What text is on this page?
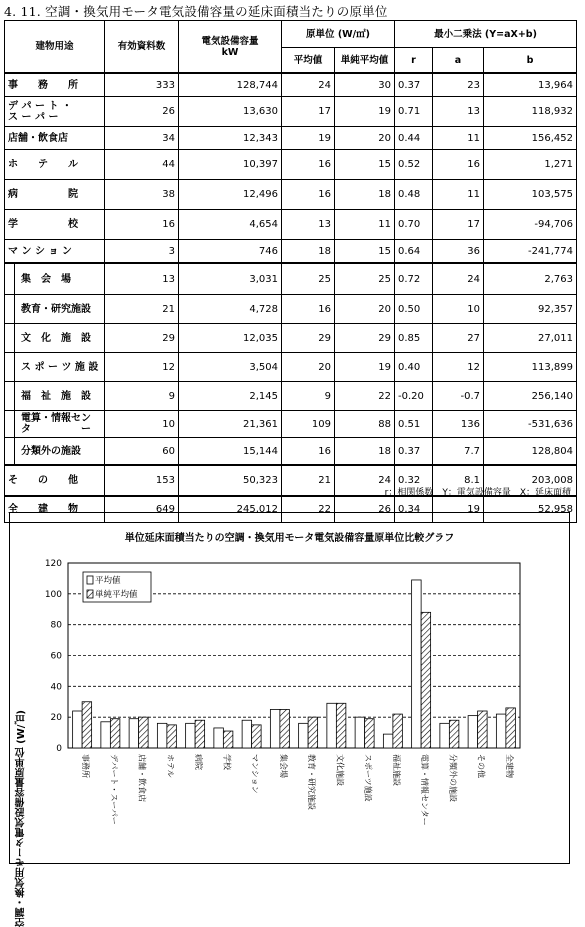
4. 11. 空調・換気用モータ電気設備容量の延床面積当たりの原単位
建物用途	有効資料数	電気設備容量
kW	原単位 (W/㎡)		最小二乗法 (Y=aX+b)		
			平均値	単純平均値	r	a	b
事　　務　　所	333	128,744	24	30	0.37	23	13,964
デ パ ー ト ・
ス ー パ ー	26	13,630	17	19	0.71	13	118,932
店舗・飲食店	34	12,343	19	20	0.44	11	156,452
ホ　　テ　　ル	44	10,397	16	15	0.52	16	1,271
病　　　　　院	38	12,496	16	18	0.48	11	103,575
学　　　　　校	16	4,654	13	11	0.70	17	-94,706
マ ン シ ョ ン	3	746	18	15	0.64	36	-241,774
集　会　場	13	3,031	25	25	0.72	24	2,763
教育・研究施設	21	4,728	16	20	0.50	10	92,357
文　化　施　設	29	12,035	29	29	0.85	27	27,011
ス ポ ー ツ 施 設	12	3,504	20	19	0.40	12	113,899
福　祉　施　設	9	2,145	9	22	-0.20	-0.7	256,140
電算・情報セン
タ　　　　　ー	10	21,361	109	88	0.51	136	-531,636
分類外の施設	60	15,144	16	18	0.37	7.7	128,804
そ　　の　　他	153	50,323	21	24	0.32	8.1	203,008
全　　建　　物	649	245,012	22	26	0.34	19	52,958
r：相関係数　Y：電気設備容量　X：延床面積
単位延床面積当たりの空調・換気用モータ電気設備容量原単位比較グラフ
空調・換気用モータ電気設備容量原単位 (W/㎡)	0
20
40
60
80
100
120
事務所 デパート・スーパー 店舗・飲食店 ホテル 病院 学校 マンション 集会場 教育・研究施設 文化施設 スポーツ施設 福祉施設 電算・情報センター 分類外の施設 その他 全建物
平均値
単純平均値
